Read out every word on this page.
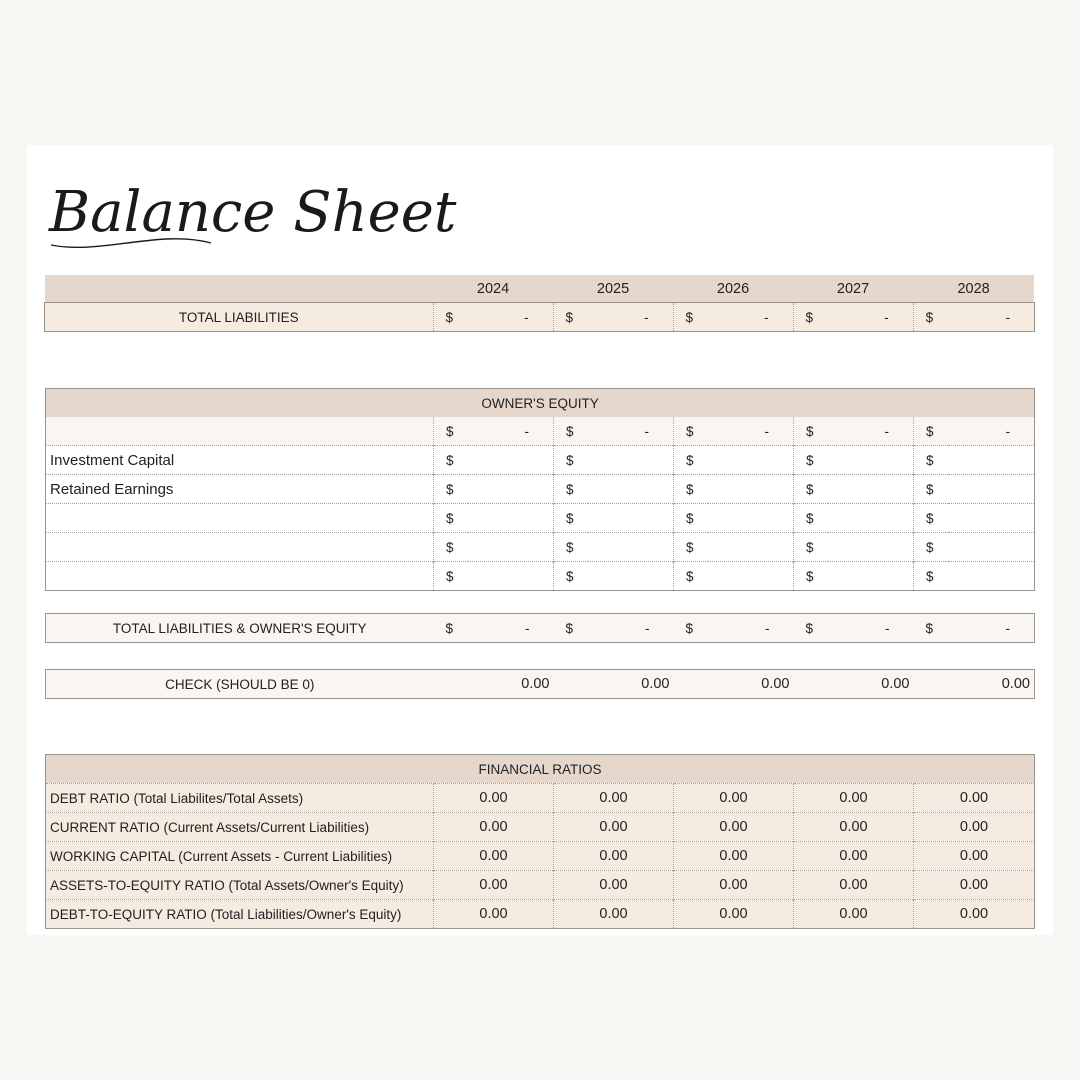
Balance Sheet
	2024		2025		2026		2027		2028	
TOTAL LIABILITIES	$	-	$	-	$	-	$	-	$	-
OWNER'S EQUITY										
	$	-	$	-	$	-	$	-	$	-
Investment Capital	$		$		$		$		$	
Retained Earnings	$		$		$		$		$	
	$		$		$		$		$	
	$		$		$		$		$	
	$		$		$		$		$	
TOTAL LIABILITIES & OWNER'S EQUITY	$	-	$	-	$	-	$	-	$	-
CHECK (SHOULD BE 0)	0.00	0.00	0.00	0.00	0.00
FINANCIAL RATIOS					
DEBT RATIO (Total Liabilites/Total Assets)	0.00	0.00	0.00	0.00	0.00
CURRENT RATIO (Current Assets/Current Liabilities)	0.00	0.00	0.00	0.00	0.00
WORKING CAPITAL (Current Assets - Current Liabilities)	0.00	0.00	0.00	0.00	0.00
ASSETS-TO-EQUITY RATIO (Total Assets/Owner's Equity)	0.00	0.00	0.00	0.00	0.00
DEBT-TO-EQUITY RATIO (Total Liabilities/Owner's Equity)	0.00	0.00	0.00	0.00	0.00
